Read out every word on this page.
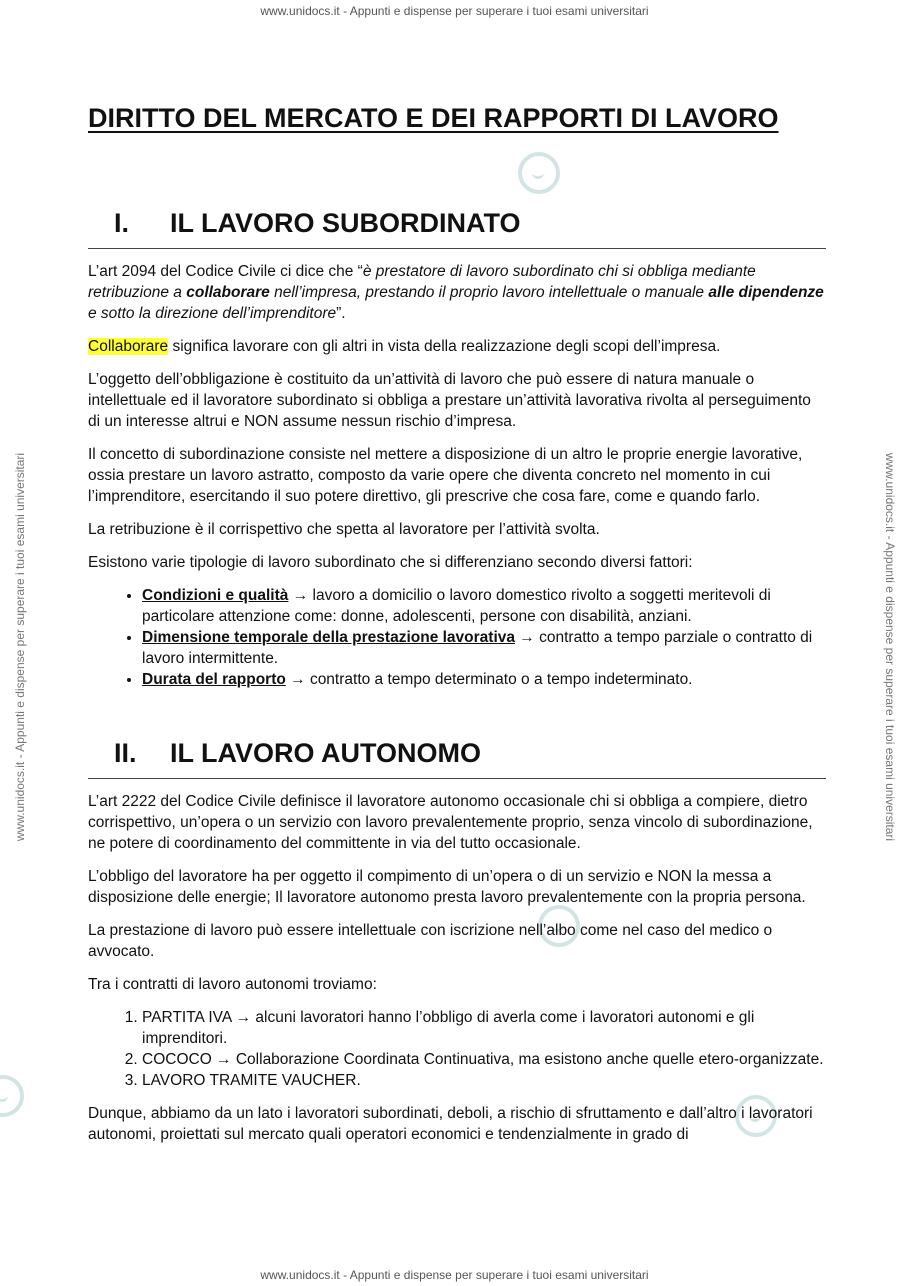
www.unidocs.it - Appunti e dispense per superare i tuoi esami universitari
www.unidocs.it - Appunti e dispense per superare i tuoi esami universitari
www.unidocs.it - Appunti e dispense per superare i tuoi esami universitari	www.unidocs.it - Appunti e dispense per superare i tuoi esami universitari
DIRITTO DEL MERCATO E DEI RAPPORTI DI LAVORO
I. IL LAVORO SUBORDINATO

L’art 2094 del Codice Civile ci dice che “è prestatore di lavoro subordinato chi si obbliga mediante retribuzione a collaborare nell’impresa, prestando il proprio lavoro intellettuale o manuale alle dipendenze e sotto la direzione dell’imprenditore”.

Collaborare significa lavorare con gli altri in vista della realizzazione degli scopi dell’impresa.

L’oggetto dell’obbligazione è costituito da un’attività di lavoro che può essere di natura manuale o intellettuale ed il lavoratore subordinato si obbliga a prestare un’attività lavorativa rivolta al perseguimento di un interesse altrui e NON assume nessun rischio d’impresa.

Il concetto di subordinazione consiste nel mettere a disposizione di un altro le proprie energie lavorative, ossia prestare un lavoro astratto, composto da varie opere che diventa concreto nel momento in cui l’imprenditore, esercitando il suo potere direttivo, gli prescrive che cosa fare, come e quando farlo.

La retribuzione è il corrispettivo che spetta al lavoratore per l’attività svolta.

Esistono varie tipologie di lavoro subordinato che si differenziano secondo diversi fattori:

• Condizioni e qualità → lavoro a domicilio o lavoro domestico rivolto a soggetti meritevoli di particolare attenzione come: donne, adolescenti, persone con disabilità, anziani.
• Dimensione temporale della prestazione lavorativa → contratto a tempo parziale o contratto di lavoro intermittente.
• Durata del rapporto → contratto a tempo determinato o a tempo indeterminato.
II. IL LAVORO AUTONOMO

L’art 2222 del Codice Civile definisce il lavoratore autonomo occasionale chi si obbliga a compiere, dietro corrispettivo, un’opera o un servizio con lavoro prevalentemente proprio, senza vincolo di subordinazione, ne potere di coordinamento del committente in via del tutto occasionale.

L’obbligo del lavoratore ha per oggetto il compimento di un’opera o di un servizio e NON la messa a disposizione delle energie; Il lavoratore autonomo presta lavoro prevalentemente con la propria persona.

La prestazione di lavoro può essere intellettuale con iscrizione nell’albo come nel caso del medico o avvocato.

Tra i contratti di lavoro autonomi troviamo:

1. PARTITA IVA → alcuni lavoratori hanno l’obbligo di averla come i lavoratori autonomi e gli imprenditori.
2. COCOCO → Collaborazione Coordinata Continuativa, ma esistono anche quelle etero-organizzate.
3. LAVORO TRAMITE VAUCHER.

Dunque, abbiamo da un lato i lavoratori subordinati, deboli, a rischio di sfruttamento e dall’altro i lavoratori autonomi, proiettati sul mercato quali operatori economici e tendenzialmente in grado di
